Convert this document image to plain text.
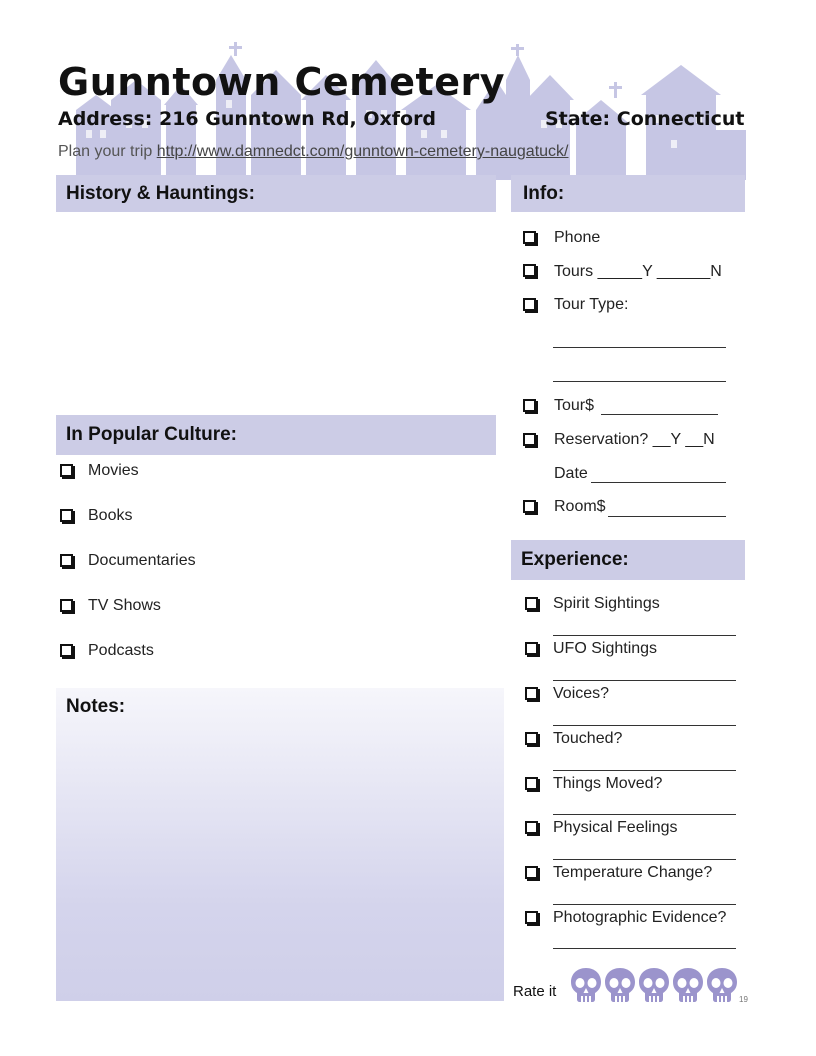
Gunntown Cemetery
Address: 216 Gunntown Rd, Oxford	State: Connecticut
Plan your trip http://www.damnedct.com/gunntown-cemetery-naugatuck/
History & Hauntings:	Info:
In Popular Culture:
Experience:
Notes:
Phone
Tours _____Y ______N
Tour Type:
Tour$
Reservation? __Y __N
Date
Room$
Movies
Books
Documentaries
TV Shows
Podcasts
Spirit Sightings
UFO Sightings
Voices?
Touched?
Things Moved?
Physical Feelings
Temperature Change?
Photographic Evidence?
Rate it	19
